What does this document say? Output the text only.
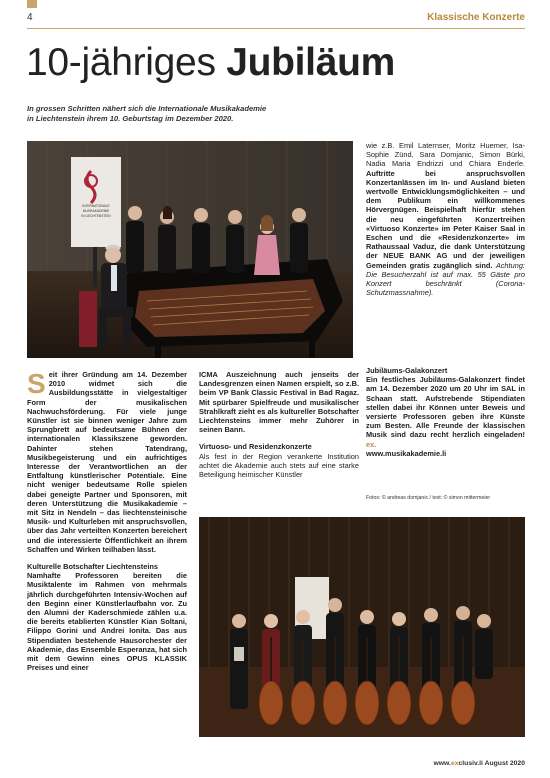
4	Klassische Konzerte
10-jähriges Jubiläum
In grossen Schritten nähert sich die Internationale Musikakademie
in Liechtenstein ihrem 10. Geburtstag im Dezember 2020.
INTERNATIONALE
MUSIKAKADEMIE
IN LIECHTENSTEIN

Seit ihrer Gründung am 14. Dezember 2010 widmet sich die Ausbildungsstätte in vielgestaltiger Form der musikalischen Nachwuchsförderung. Für viele junge Künstler ist sie binnen weniger Jahre zum Sprungbrett auf bedeutsame Bühnen der internationalen Klassikszene geworden. Dahinter stehen Tatendrang, Musikbegeisterung und ein aufrichtiges Interesse der Verantwortlichen an der Entfaltung künstlerischer Potentiale. Eine nicht weniger bedeutsame Rolle spielen dabei geneigte Partner und Sponsoren, mit deren Unterstützung die Musikakademie – mit Sitz in Nendeln – das liechtensteinische Musik- und Kulturleben mit anspruchsvollen, über das Jahr verteilten Konzerten bereichert und die interessierte Öffentlichkeit an ihrem Schaffen und Wirken teilhaben lässt.

Kulturelle Botschafter Liechtensteins

Namhafte Professoren bereiten die Musiktalente im Rahmen von mehrmals jährlich durchgeführten Intensiv-Wochen auf den Beginn einer Künstlerlaufbahn vor. Zu den Alumni der Kaderschmiede zählen u.a. die bereits etablierten Künstler Kian Soltani, Filippo Gorini und Andrei Ionita. Das aus Stipendiaten bestehende Hausorchester der Akademie, das Ensemble Esperanza, hat sich mit dem Gewinn eines OPUS KLASSIK Preises und einer

ICMA Auszeichnung auch jenseits der Landesgrenzen einen Namen erspielt, so z.B. beim VP Bank Classic Festival in Bad Ragaz. Mit spürbarer Spielfreude und musikalischer Strahlkraft zieht es als kultureller Botschafter Liechtensteins immer mehr Zuhörer in seinen Bann.

Virtuoso- und Residenzkonzerte

Als fest in der Region verankerte Institution achtet die Akademie auch stets auf eine starke Beteiligung heimischer Künstler

wie z.B. Emil Laternser, Moritz Huemer, Isa-Sophie Zünd, Sara Domjanic, Simon Bürki, Nadia Maria Endrizzi und Chiara Enderle. Auftritte bei anspruchsvollen Konzertanlässen im In- und Ausland bieten wertvolle Entwicklungsmöglichkeiten – und dem Publikum ein willkommenes Hörvergnügen. Beispielhaft hierfür stehen die neu eingeführten Konzertreihen «Virtuoso Konzerte» im Peter Kaiser Saal in Eschen und die «Residenzkonzerte» im Rathaussaal Vaduz, die dank Unterstützung der NEUE BANK AG und der jeweiligen Gemeinden gratis zugänglich sind. Achtung: Die Besucherzahl ist auf max. 55 Gäste pro Konzert beschränkt (Corona-Schutzmassnahme).

Jubiläums-Galakonzert

Ein festliches Jubiläums-Galakonzert findet am 14. Dezember 2020 um 20 Uhr im SAL in Schaan statt. Aufstrebende Stipendiaten stellen dabei ihr Können unter Beweis und versierte Professoren geben ihre Künste zum Besten. Alle Freunde der klassischen Musik sind dazu recht herzlich eingeladen! ex.

www.musikakademie.li

Fotos: © andreas domjanic / text: © simon mittermeier
www.exclusiv.li August 2020
